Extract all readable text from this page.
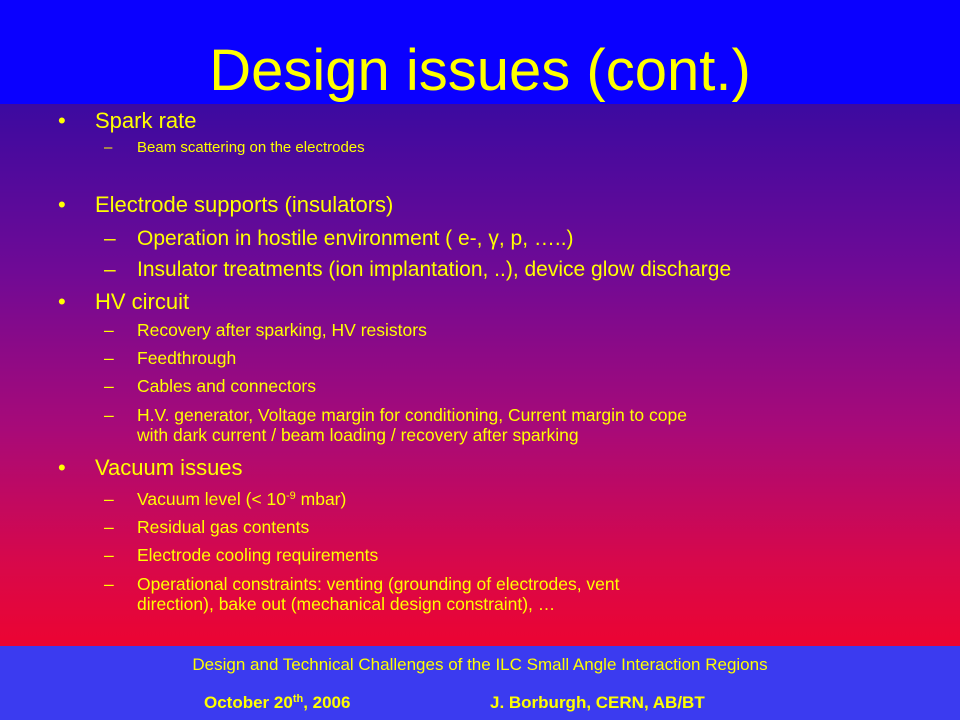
Design issues (cont.)
• Spark rate
– Beam scattering on the electrodes
• Electrode supports (insulators)
– Operation in hostile environment ( e-, γ, p, …..)
– Insulator treatments (ion implantation, ..), device glow discharge
• HV circuit
– Recovery after sparking, HV resistors
– Feedthrough
– Cables and connectors
– H.V. generator, Voltage margin for conditioning, Current margin to cope
with dark current / beam loading / recovery after sparking
• Vacuum issues
– Vacuum level (< $10^{-9}$ mbar)
– Residual gas contents
– Electrode cooling requirements
– Operational constraints: venting (grounding of electrodes, vent
direction), bake out (mechanical design constraint), …
Design and Technical Challenges of the ILC Small Angle Interaction Regions
October 20th, 2006	J. Borburgh, CERN, AB/BT
